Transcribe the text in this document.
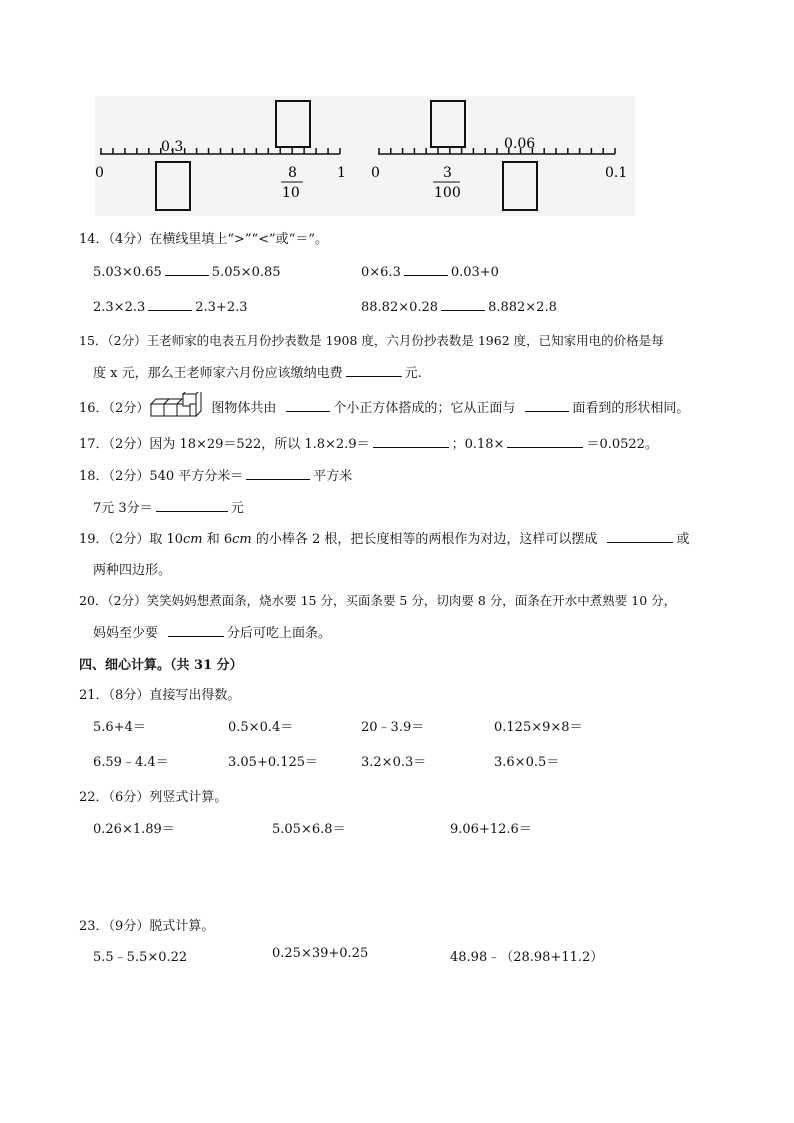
0
0.3
8
10
1 0	3
100
0.06
0.1
14．（4分）在横线里填上“>”“<”或“＝”。
5.03×0.65	5.05×0.85	0×6.3	0.03+0
2.3×2.3	2.3+2.3	88.82×0.28	8.882×2.8
15．（2分）王老师家的电表五月份抄表数是 1908 度，六月份抄表数是 1962 度，已知家用电的价格是每
度 x 元，那么王老师家六月份应该缴纳电费	元.
16．（2分）	图物体共由	个小正方体搭成的；它从正面与	面看到的形状相同。
17．（2分）因为 18×29＝522，所以 1.8×2.9＝	；0.18×	＝0.0522。
18．（2分）540 平方分米＝	平方米
7元 3分＝	元
19．（2分）取 10cm 和 6cm 的小棒各 2 根，把长度相等的两根作为对边，这样可以摆成	或
两种四边形。
20．（2分）笑笑妈妈想煮面条，烧水要 15 分，买面条要 5 分，切肉要 8 分，面条在开水中煮熟要 10 分，
妈妈至少要	分后可吃上面条。
四、细心计算。（共 31 分）
21．（8分）直接写出得数。
5.6+4＝	0.5×0.4＝	20﹣3.9＝	0.125×9×8＝
6.59﹣4.4＝	3.05+0.125＝	3.2×0.3＝	3.6×0.5＝
22．（6分）列竖式计算。
0.26×1.89＝	5.05×6.8＝	9.06+12.6＝
23．（9分）脱式计算。
5.5﹣5.5×0.22	0.25×39+0.25	48.98﹣（28.98+11.2）
